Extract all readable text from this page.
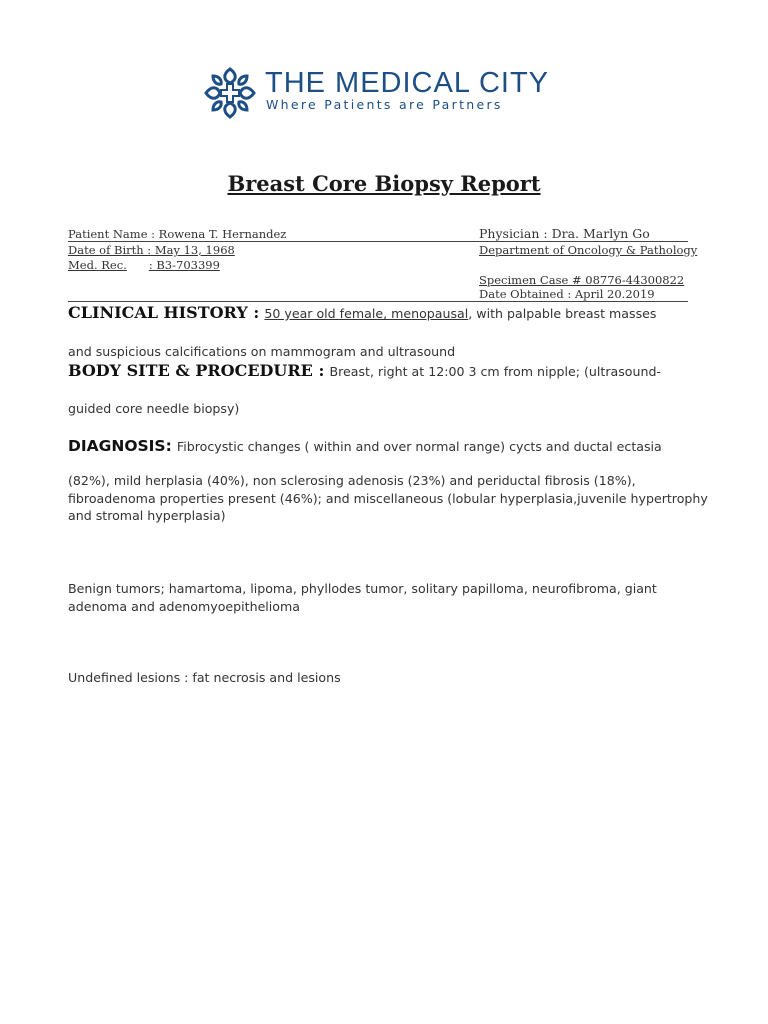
THE MEDICAL CITY
Where Patients are Partners
Breast Core Biopsy Report
Patient Name : Rowena T. Hernandez
Date of Birth : May 13, 1968
Med. Rec. : B3-703399
Physician : Dra. Marlyn Go
Department of Oncology & Pathology
Specimen Case # 08776-44300822
Date Obtained : April 20.2019
CLINICAL HISTORY : 50 year old female, menopausal, with palpable breast masses
and suspicious calcifications on mammogram and ultrasound
BODY SITE & PROCEDURE : Breast, right at 12:00 3 cm from nipple; (ultrasound-
guided core needle biopsy)
DIAGNOSIS: Fibrocystic changes ( within and over normal range) cycts and ductal ectasia
(82%), mild herplasia (40%), non sclerosing adenosis (23%) and periductal fibrosis (18%), fibroadenoma properties present (46%); and miscellaneous (lobular hyperplasia,juvenile hypertrophy and stromal hyperplasia)
Benign tumors; hamartoma, lipoma, phyllodes tumor, solitary papilloma, neurofibroma, giant adenoma and adenomyoepithelioma
Undefined lesions : fat necrosis and lesions
